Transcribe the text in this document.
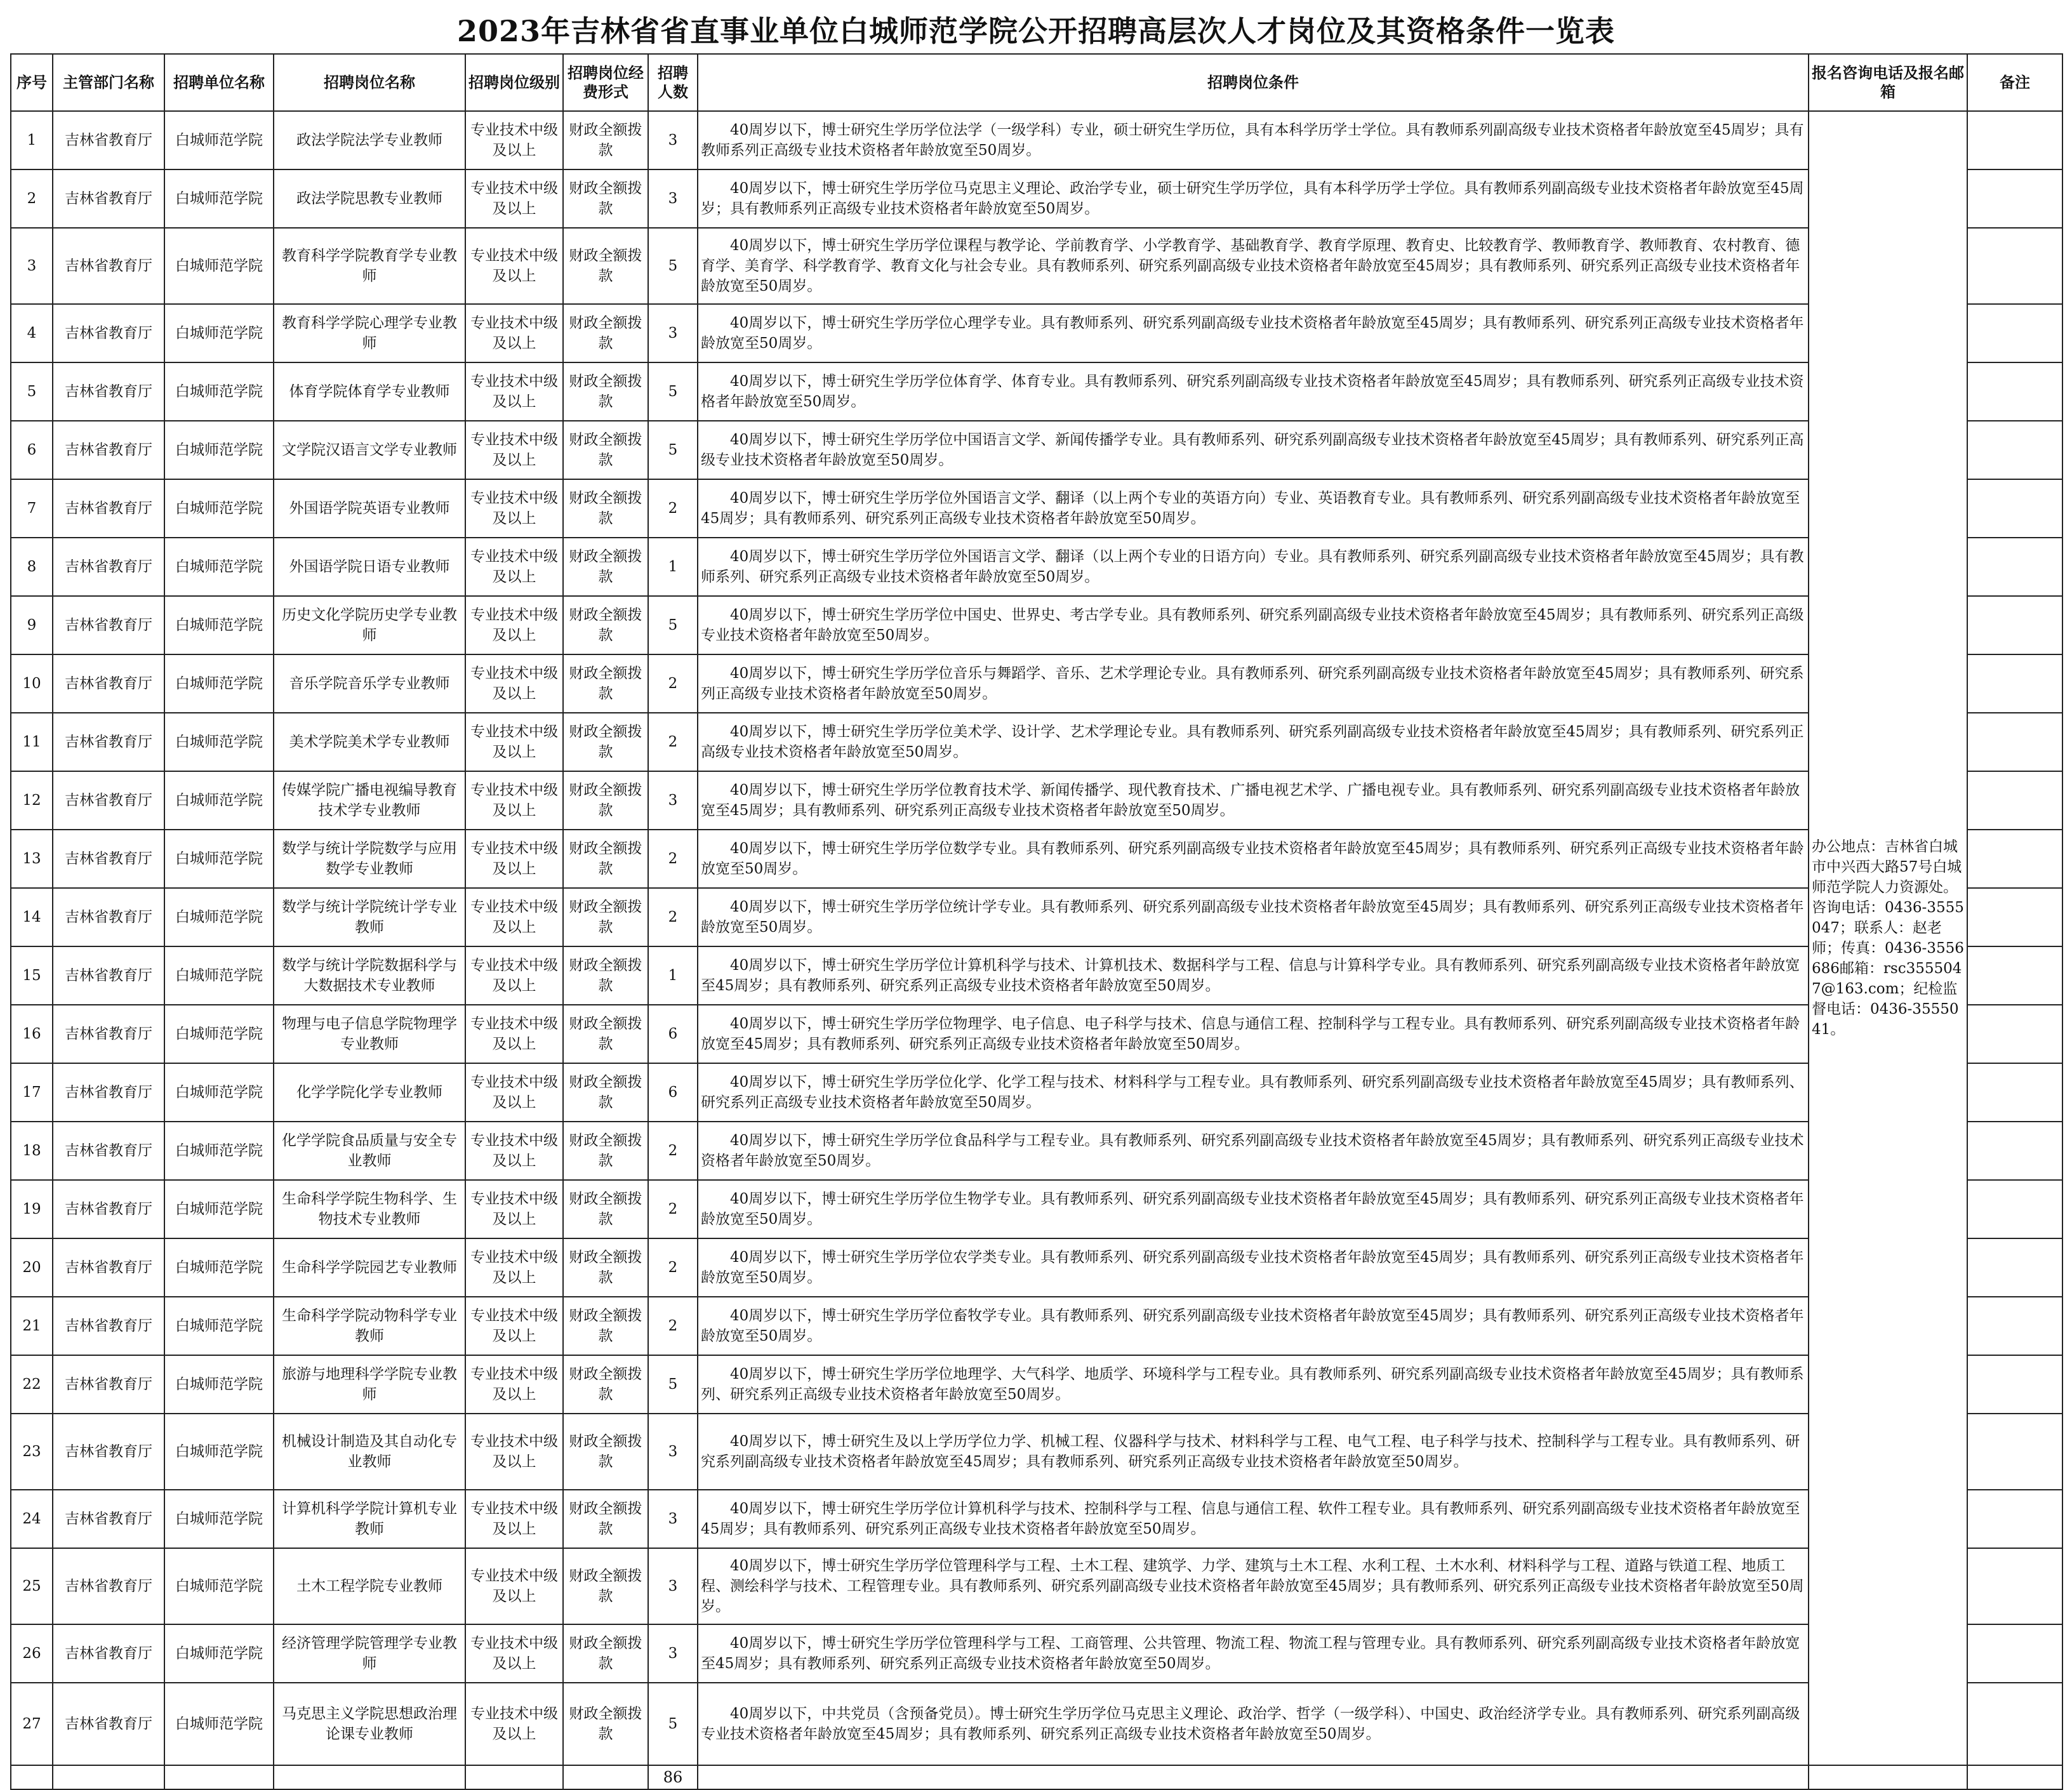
2023年吉林省省直事业单位白城师范学院公开招聘高层次人才岗位及其资格条件一览表
序号	主管部门名称	招聘单位名称	招聘岗位名称	招聘岗位级别	招聘岗位经费形式	招聘人数	招聘岗位条件	报名咨询电话及报名邮箱	备注
1	吉林省教育厅	白城师范学院	政法学院法学专业教师	专业技术中级及以上	财政全额拨款	3	40周岁以下，博士研究生学历学位法学（一级学科）专业，硕士研究生学历位，具有本科学历学士学位。具有教师系列副高级专业技术资格者年龄放宽至45周岁；具有教师系列正高级专业技术资格者年龄放宽至50周岁。	办公地点：吉林省白城市中兴西大路57号白城师范学院人力资源处。咨询电话：0436-3555047；联系人：赵老师；传真：0436-3556686邮箱：rsc3555047@163.com；纪检监督电话：0436-3555041。	
2	吉林省教育厅	白城师范学院	政法学院思教专业教师	专业技术中级及以上	财政全额拨款	3	40周岁以下，博士研究生学历学位马克思主义理论、政治学专业，硕士研究生学历学位，具有本科学历学士学位。具有教师系列副高级专业技术资格者年龄放宽至45周岁；具有教师系列正高级专业技术资格者年龄放宽至50周岁。		
3	吉林省教育厅	白城师范学院	教育科学学院教育学专业教师	专业技术中级及以上	财政全额拨款	5	40周岁以下，博士研究生学历学位课程与教学论、学前教育学、小学教育学、基础教育学、教育学原理、教育史、比较教育学、教师教育学、教师教育、农村教育、德育学、美育学、科学教育学、教育文化与社会专业。具有教师系列、研究系列副高级专业技术资格者年龄放宽至45周岁；具有教师系列、研究系列正高级专业技术资格者年龄放宽至50周岁。		
4	吉林省教育厅	白城师范学院	教育科学学院心理学专业教师	专业技术中级及以上	财政全额拨款	3	40周岁以下，博士研究生学历学位心理学专业。具有教师系列、研究系列副高级专业技术资格者年龄放宽至45周岁；具有教师系列、研究系列正高级专业技术资格者年龄放宽至50周岁。		
5	吉林省教育厅	白城师范学院	体育学院体育学专业教师	专业技术中级及以上	财政全额拨款	5	40周岁以下，博士研究生学历学位体育学、体育专业。具有教师系列、研究系列副高级专业技术资格者年龄放宽至45周岁；具有教师系列、研究系列正高级专业技术资格者年龄放宽至50周岁。		
6	吉林省教育厅	白城师范学院	文学院汉语言文学专业教师	专业技术中级及以上	财政全额拨款	5	40周岁以下，博士研究生学历学位中国语言文学、新闻传播学专业。具有教师系列、研究系列副高级专业技术资格者年龄放宽至45周岁；具有教师系列、研究系列正高级专业技术资格者年龄放宽至50周岁。		
7	吉林省教育厅	白城师范学院	外国语学院英语专业教师	专业技术中级及以上	财政全额拨款	2	40周岁以下，博士研究生学历学位外国语言文学、翻译（以上两个专业的英语方向）专业、英语教育专业。具有教师系列、研究系列副高级专业技术资格者年龄放宽至45周岁；具有教师系列、研究系列正高级专业技术资格者年龄放宽至50周岁。		
8	吉林省教育厅	白城师范学院	外国语学院日语专业教师	专业技术中级及以上	财政全额拨款	1	40周岁以下，博士研究生学历学位外国语言文学、翻译（以上两个专业的日语方向）专业。具有教师系列、研究系列副高级专业技术资格者年龄放宽至45周岁；具有教师系列、研究系列正高级专业技术资格者年龄放宽至50周岁。		
9	吉林省教育厅	白城师范学院	历史文化学院历史学专业教师	专业技术中级及以上	财政全额拨款	5	40周岁以下，博士研究生学历学位中国史、世界史、考古学专业。具有教师系列、研究系列副高级专业技术资格者年龄放宽至45周岁；具有教师系列、研究系列正高级专业技术资格者年龄放宽至50周岁。		
10	吉林省教育厅	白城师范学院	音乐学院音乐学专业教师	专业技术中级及以上	财政全额拨款	2	40周岁以下，博士研究生学历学位音乐与舞蹈学、音乐、艺术学理论专业。具有教师系列、研究系列副高级专业技术资格者年龄放宽至45周岁；具有教师系列、研究系列正高级专业技术资格者年龄放宽至50周岁。		
11	吉林省教育厅	白城师范学院	美术学院美术学专业教师	专业技术中级及以上	财政全额拨款	2	40周岁以下，博士研究生学历学位美术学、设计学、艺术学理论专业。具有教师系列、研究系列副高级专业技术资格者年龄放宽至45周岁；具有教师系列、研究系列正高级专业技术资格者年龄放宽至50周岁。		
12	吉林省教育厅	白城师范学院	传媒学院广播电视编导教育技术学专业教师	专业技术中级及以上	财政全额拨款	3	40周岁以下，博士研究生学历学位教育技术学、新闻传播学、现代教育技术、广播电视艺术学、广播电视专业。具有教师系列、研究系列副高级专业技术资格者年龄放宽至45周岁；具有教师系列、研究系列正高级专业技术资格者年龄放宽至50周岁。		
13	吉林省教育厅	白城师范学院	数学与统计学院数学与应用数学专业教师	专业技术中级及以上	财政全额拨款	2	40周岁以下，博士研究生学历学位数学专业。具有教师系列、研究系列副高级专业技术资格者年龄放宽至45周岁；具有教师系列、研究系列正高级专业技术资格者年龄放宽至50周岁。		
14	吉林省教育厅	白城师范学院	数学与统计学院统计学专业教师	专业技术中级及以上	财政全额拨款	2	40周岁以下，博士研究生学历学位统计学专业。具有教师系列、研究系列副高级专业技术资格者年龄放宽至45周岁；具有教师系列、研究系列正高级专业技术资格者年龄放宽至50周岁。		
15	吉林省教育厅	白城师范学院	数学与统计学院数据科学与大数据技术专业教师	专业技术中级及以上	财政全额拨款	1	40周岁以下，博士研究生学历学位计算机科学与技术、计算机技术、数据科学与工程、信息与计算科学专业。具有教师系列、研究系列副高级专业技术资格者年龄放宽至45周岁；具有教师系列、研究系列正高级专业技术资格者年龄放宽至50周岁。		
16	吉林省教育厅	白城师范学院	物理与电子信息学院物理学专业教师	专业技术中级及以上	财政全额拨款	6	40周岁以下，博士研究生学历学位物理学、电子信息、电子科学与技术、信息与通信工程、控制科学与工程专业。具有教师系列、研究系列副高级专业技术资格者年龄放宽至45周岁；具有教师系列、研究系列正高级专业技术资格者年龄放宽至50周岁。		
17	吉林省教育厅	白城师范学院	化学学院化学专业教师	专业技术中级及以上	财政全额拨款	6	40周岁以下，博士研究生学历学位化学、化学工程与技术、材料科学与工程专业。具有教师系列、研究系列副高级专业技术资格者年龄放宽至45周岁；具有教师系列、研究系列正高级专业技术资格者年龄放宽至50周岁。		
18	吉林省教育厅	白城师范学院	化学学院食品质量与安全专业教师	专业技术中级及以上	财政全额拨款	2	40周岁以下，博士研究生学历学位食品科学与工程专业。具有教师系列、研究系列副高级专业技术资格者年龄放宽至45周岁；具有教师系列、研究系列正高级专业技术资格者年龄放宽至50周岁。		
19	吉林省教育厅	白城师范学院	生命科学学院生物科学、生物技术专业教师	专业技术中级及以上	财政全额拨款	2	40周岁以下，博士研究生学历学位生物学专业。具有教师系列、研究系列副高级专业技术资格者年龄放宽至45周岁；具有教师系列、研究系列正高级专业技术资格者年龄放宽至50周岁。		
20	吉林省教育厅	白城师范学院	生命科学学院园艺专业教师	专业技术中级及以上	财政全额拨款	2	40周岁以下，博士研究生学历学位农学类专业。具有教师系列、研究系列副高级专业技术资格者年龄放宽至45周岁；具有教师系列、研究系列正高级专业技术资格者年龄放宽至50周岁。		
21	吉林省教育厅	白城师范学院	生命科学学院动物科学专业教师	专业技术中级及以上	财政全额拨款	2	40周岁以下，博士研究生学历学位畜牧学专业。具有教师系列、研究系列副高级专业技术资格者年龄放宽至45周岁；具有教师系列、研究系列正高级专业技术资格者年龄放宽至50周岁。		
22	吉林省教育厅	白城师范学院	旅游与地理科学学院专业教师	专业技术中级及以上	财政全额拨款	5	40周岁以下，博士研究生学历学位地理学、大气科学、地质学、环境科学与工程专业。具有教师系列、研究系列副高级专业技术资格者年龄放宽至45周岁；具有教师系列、研究系列正高级专业技术资格者年龄放宽至50周岁。		
23	吉林省教育厅	白城师范学院	机械设计制造及其自动化专业教师	专业技术中级及以上	财政全额拨款	3	40周岁以下，博士研究生及以上学历学位力学、机械工程、仪器科学与技术、材料科学与工程、电气工程、电子科学与技术、控制科学与工程专业。具有教师系列、研究系列副高级专业技术资格者年龄放宽至45周岁；具有教师系列、研究系列正高级专业技术资格者年龄放宽至50周岁。		
24	吉林省教育厅	白城师范学院	计算机科学学院计算机专业教师	专业技术中级及以上	财政全额拨款	3	40周岁以下，博士研究生学历学位计算机科学与技术、控制科学与工程、信息与通信工程、软件工程专业。具有教师系列、研究系列副高级专业技术资格者年龄放宽至45周岁；具有教师系列、研究系列正高级专业技术资格者年龄放宽至50周岁。		
25	吉林省教育厅	白城师范学院	土木工程学院专业教师	专业技术中级及以上	财政全额拨款	3	40周岁以下，博士研究生学历学位管理科学与工程、土木工程、建筑学、力学、建筑与土木工程、水利工程、土木水利、材料科学与工程、道路与铁道工程、地质工程、测绘科学与技术、工程管理专业。具有教师系列、研究系列副高级专业技术资格者年龄放宽至45周岁；具有教师系列、研究系列正高级专业技术资格者年龄放宽至50周岁。		
26	吉林省教育厅	白城师范学院	经济管理学院管理学专业教师	专业技术中级及以上	财政全额拨款	3	40周岁以下，博士研究生学历学位管理科学与工程、工商管理、公共管理、物流工程、物流工程与管理专业。具有教师系列、研究系列副高级专业技术资格者年龄放宽至45周岁；具有教师系列、研究系列正高级专业技术资格者年龄放宽至50周岁。		
27	吉林省教育厅	白城师范学院	马克思主义学院思想政治理论课专业教师	专业技术中级及以上	财政全额拨款	5	40周岁以下，中共党员（含预备党员）。博士研究生学历学位马克思主义理论、政治学、哲学（一级学科）、中国史、政治经济学专业。具有教师系列、研究系列副高级专业技术资格者年龄放宽至45周岁；具有教师系列、研究系列正高级专业技术资格者年龄放宽至50周岁。		
						86			
